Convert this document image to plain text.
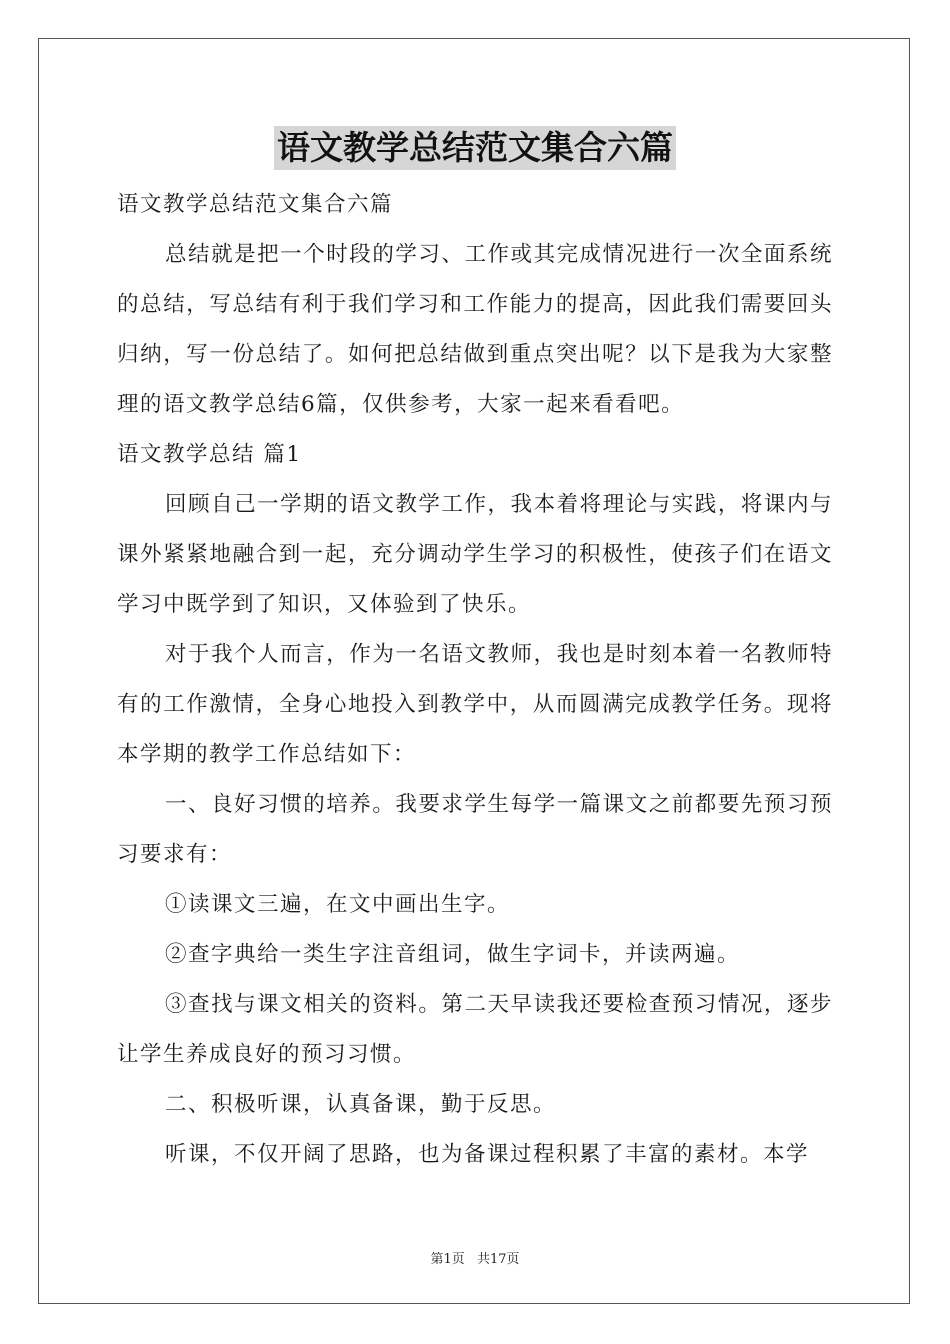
语文教学总结范文集合六篇

语文教学总结范文集合六篇

总结就是把一个时段的学习、工作或其完成情况进行一次全面系统的总结，写总结有利于我们学习和工作能力的提高，因此我们需要回头归纳，写一份总结了。如何把总结做到重点突出呢？以下是我为大家整理的语文教学总结6篇，仅供参考，大家一起来看看吧。

语文教学总结 篇1

回顾自己一学期的语文教学工作，我本着将理论与实践，将课内与课外紧紧地融合到一起，充分调动学生学习的积极性，使孩子们在语文学习中既学到了知识，又体验到了快乐。

对于我个人而言，作为一名语文教师，我也是时刻本着一名教师特有的工作激情，全身心地投入到教学中，从而圆满完成教学任务。现将本学期的教学工作总结如下：

一、良好习惯的培养。我要求学生每学一篇课文之前都要先预习预习要求有：

①读课文三遍，在文中画出生字。

②查字典给一类生字注音组词，做生字词卡，并读两遍。

③查找与课文相关的资料。第二天早读我还要检查预习情况，逐步让学生养成良好的预习习惯。

二、积极听课，认真备课，勤于反思。

听课，不仅开阔了思路，也为备课过程积累了丰富的素材。本学

第1页 共17页
